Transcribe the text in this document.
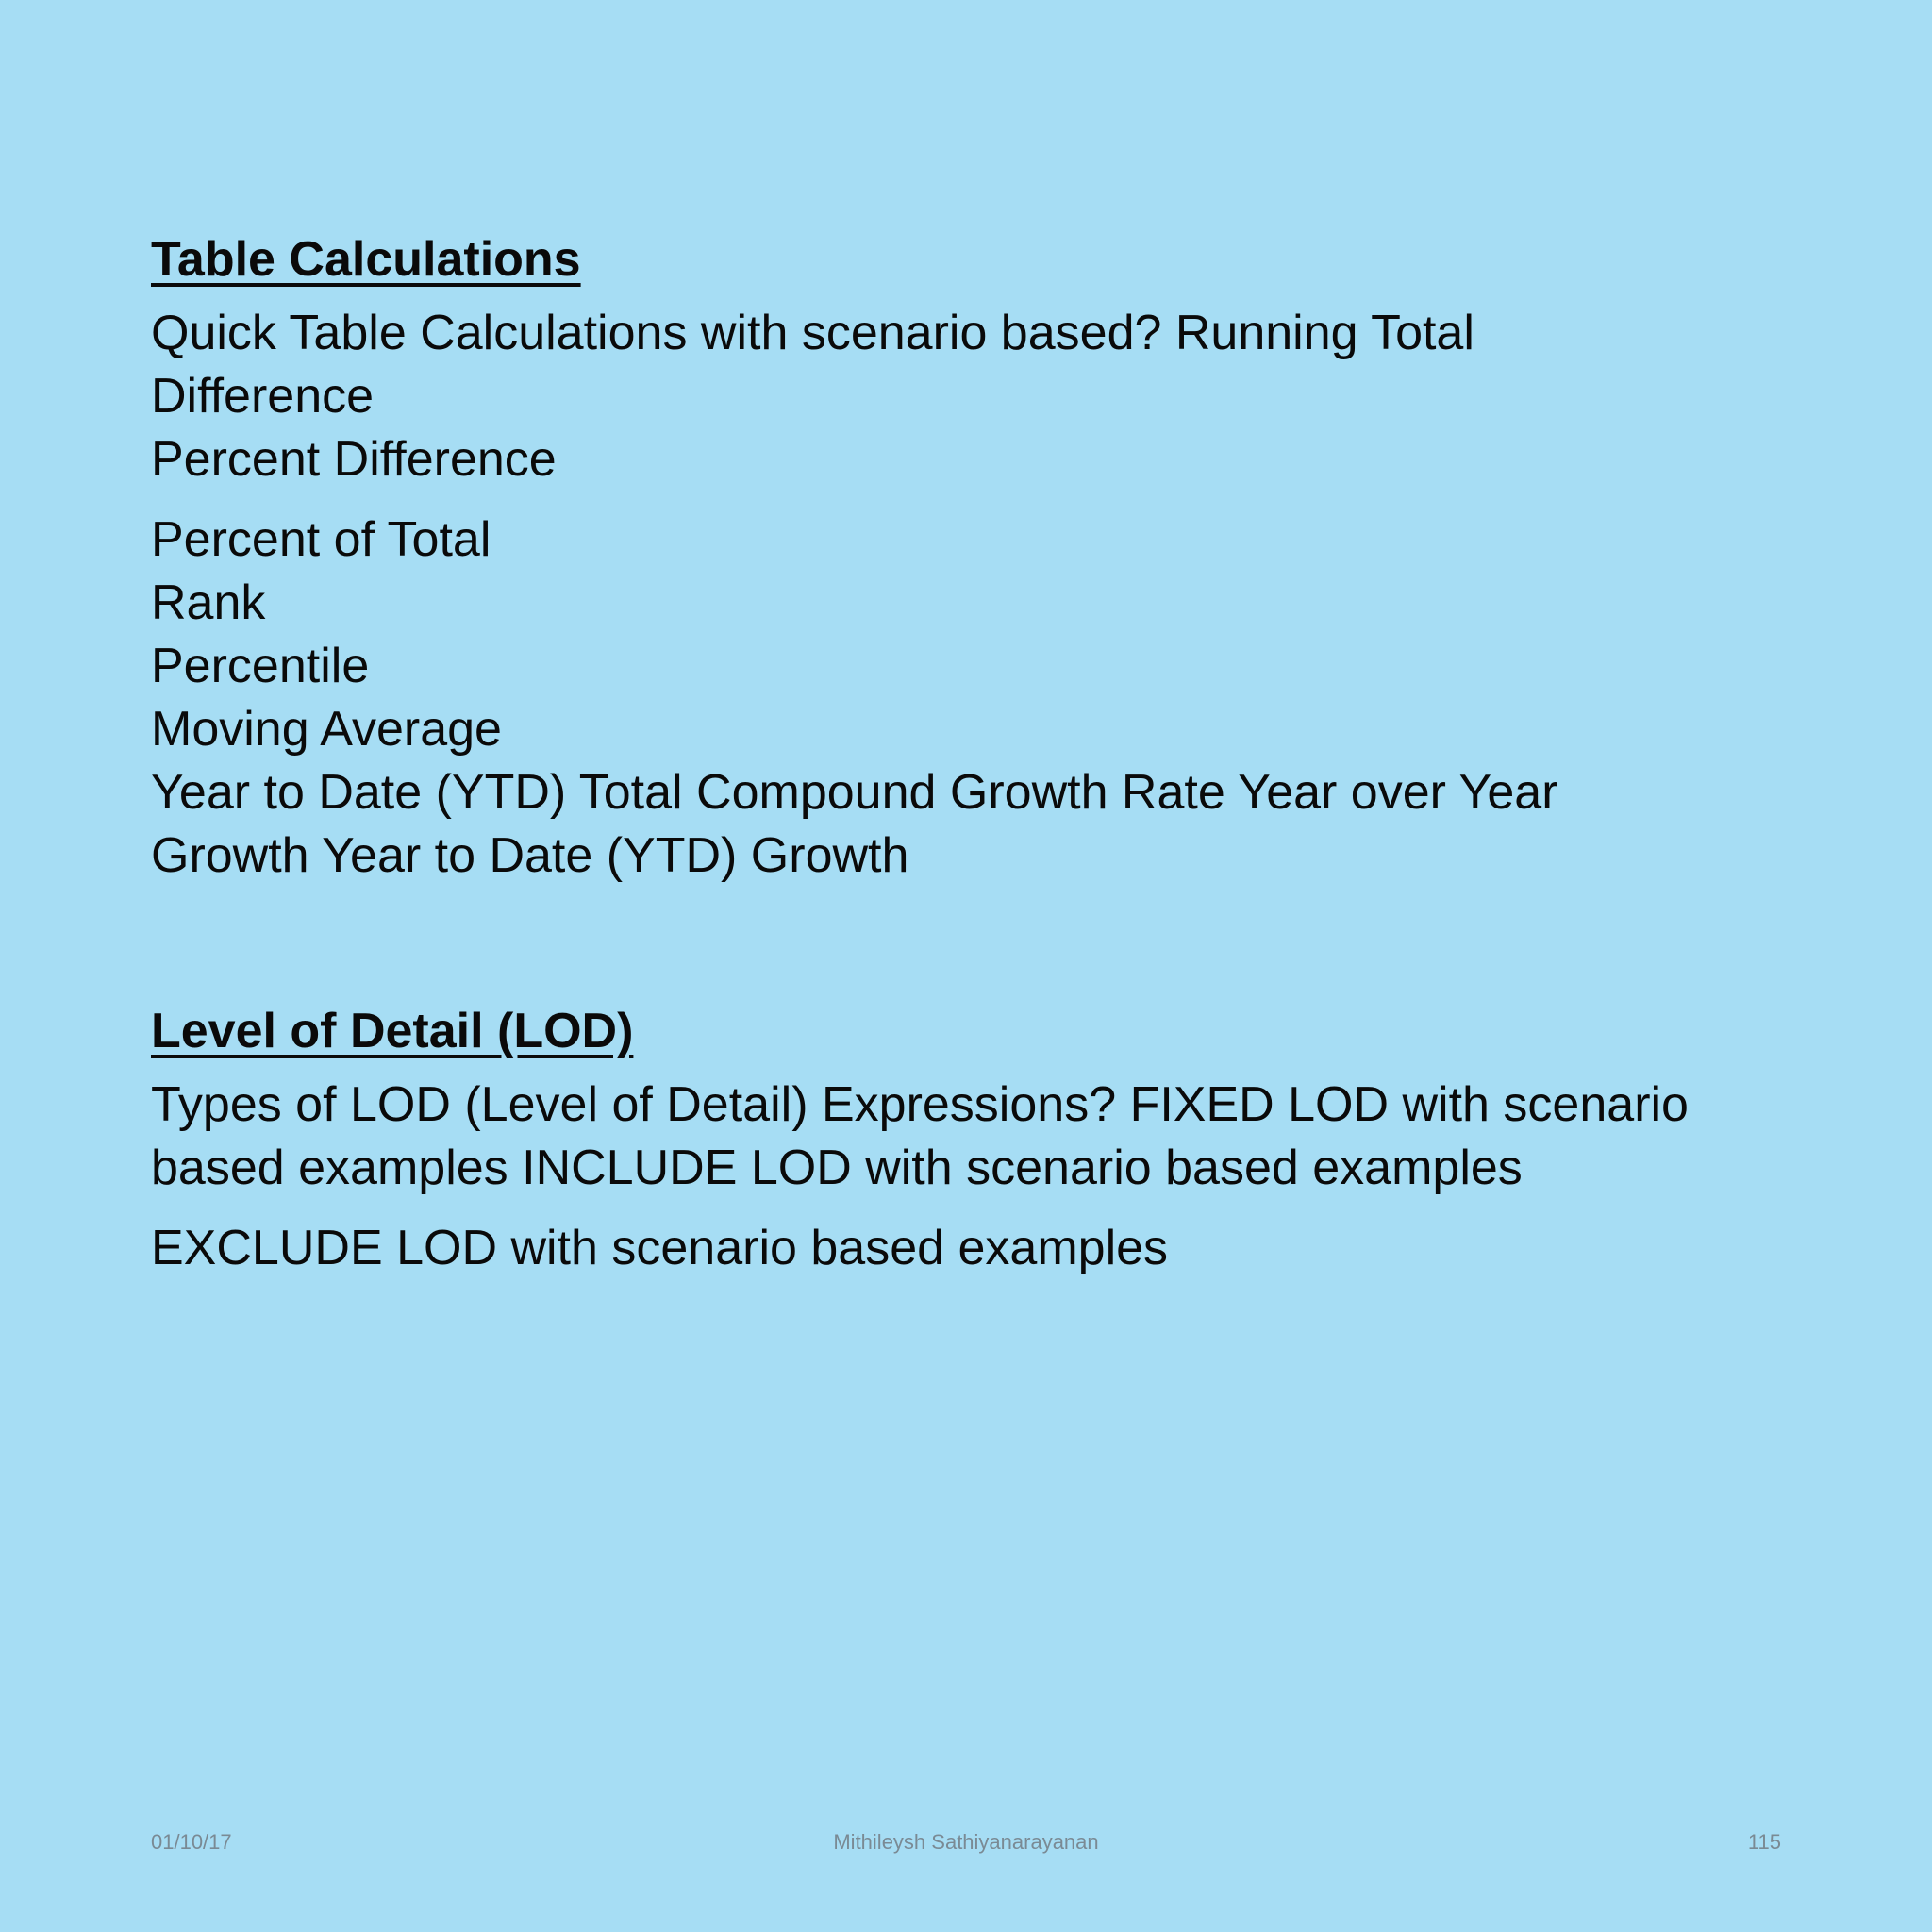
Table Calculations
Quick Table Calculations with scenario based? Running Total
Difference
Percent Difference
Percent of Total
Rank
Percentile
Moving Average
Year to Date (YTD) Total Compound Growth Rate Year over Year
Growth Year to Date (YTD) Growth
Level of Detail (LOD)
Types of LOD (Level of Detail) Expressions? FIXED LOD with scenario
based examples INCLUDE LOD with scenario based examples
EXCLUDE LOD with scenario based examples
01/10/17	Mithileysh Sathiyanarayanan	115
